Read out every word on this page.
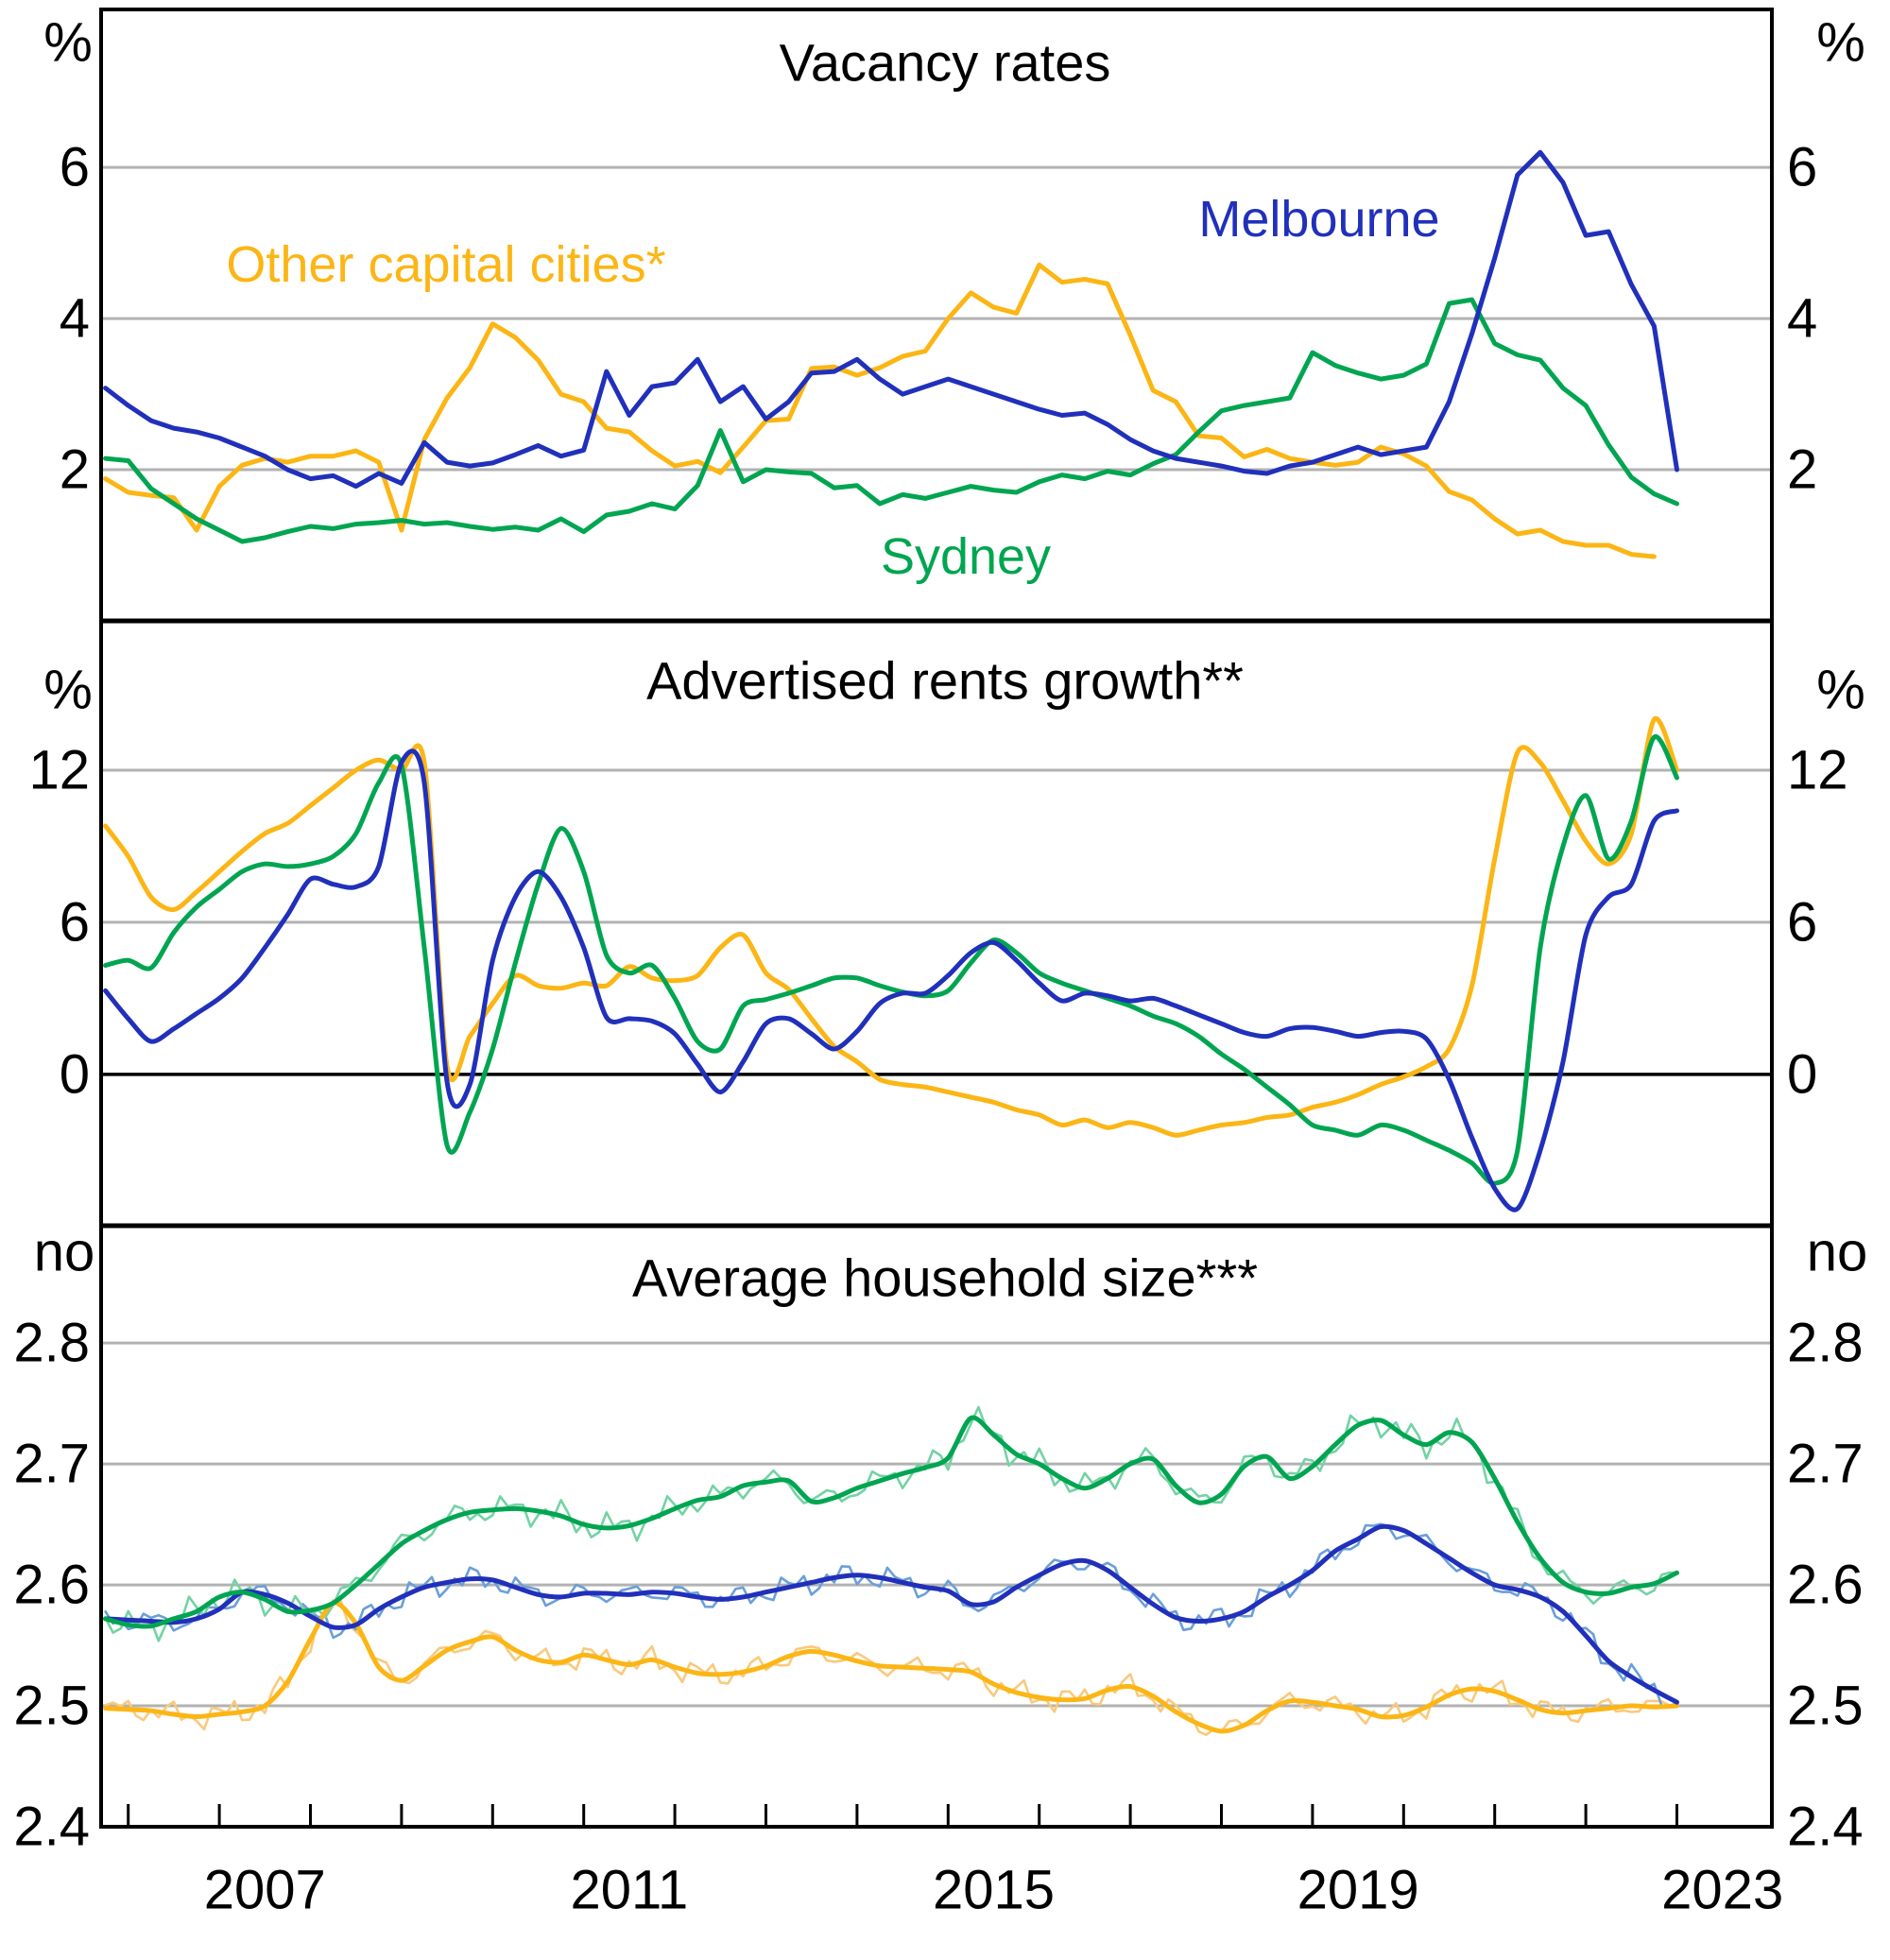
2	2
4	4
6	6
0	0
6	6
12	12
2.4	2.4
2.5	2.5
2.6	2.6
2.7	2.7
2.8	2.8
2007	2011	2015	2019	2023
Vacancy rates
Advertised rents growth**
Average household size***
Other capital cities*
Sydney
Melbourne
%	%
%	%
no	no
